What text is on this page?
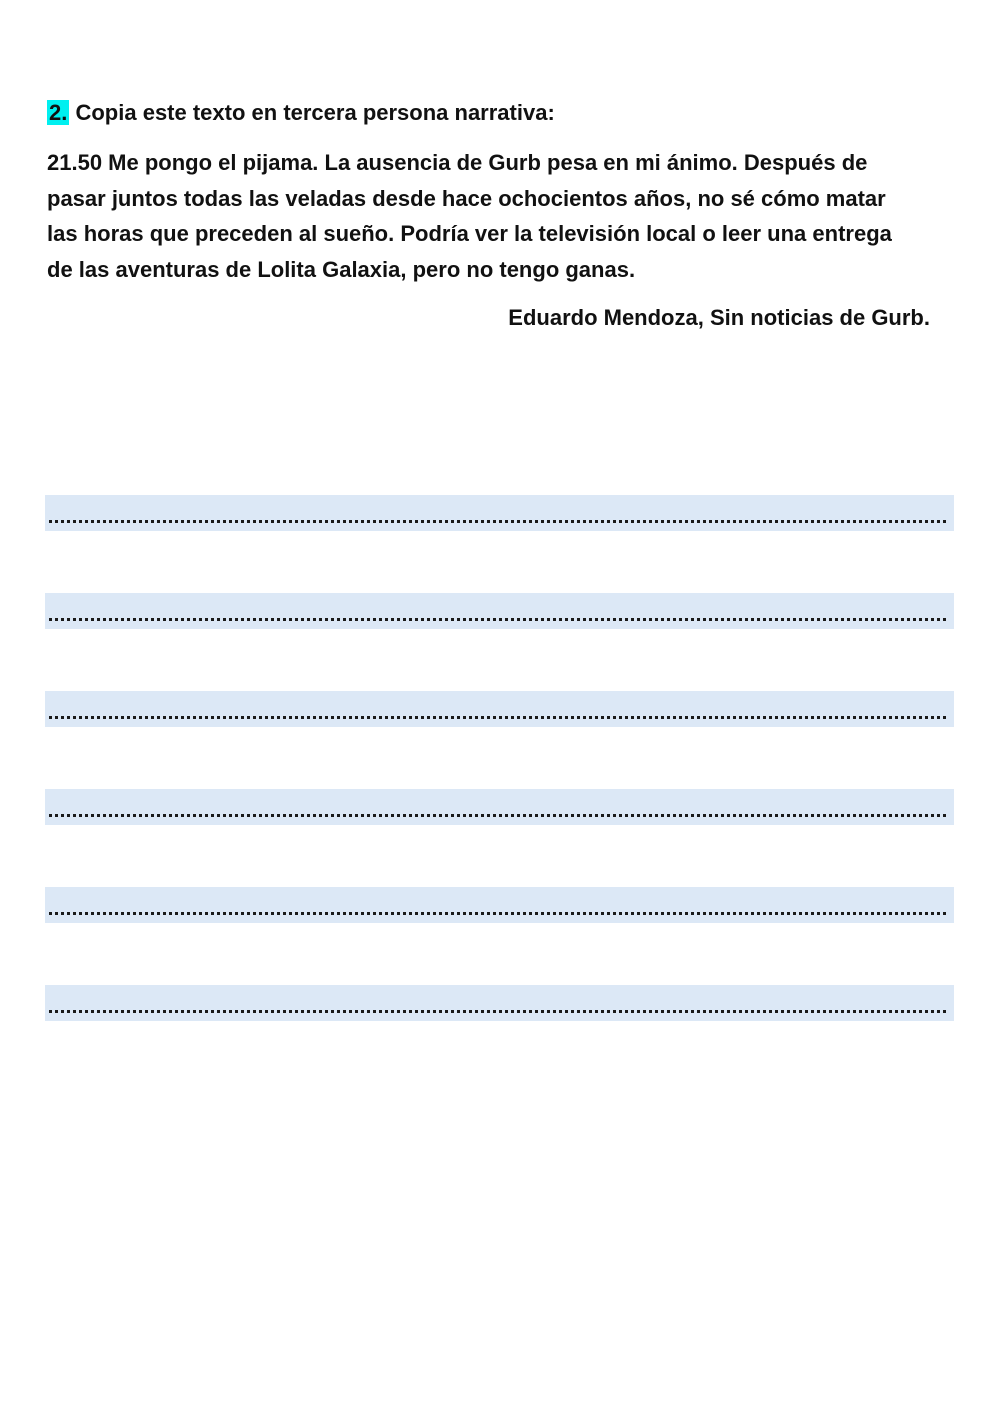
2. Copia este texto en tercera persona narrativa:

21.50 Me pongo el pijama. La ausencia de Gurb pesa en mi ánimo. Después de
pasar juntos todas las veladas desde hace ochocientos años, no sé cómo matar
las horas que preceden al sueño. Podría ver la televisión local o leer una entrega
de las aventuras de Lolita Galaxia, pero no tengo ganas.

Eduardo Mendoza, Sin noticias de Gurb.
